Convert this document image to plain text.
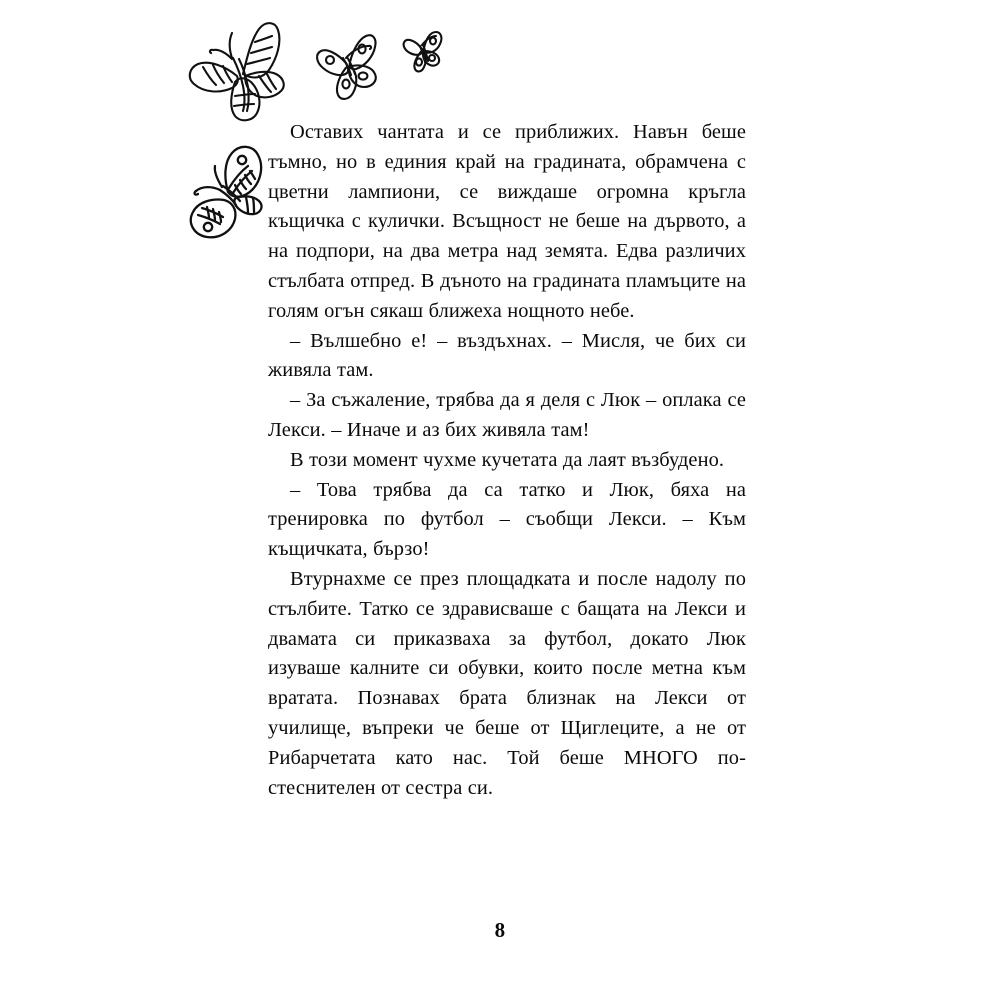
Оставих чантата и се приближих. Навън беше тъмно, но в единия край на градината, обрамчена с цветни лампиони, се виждаше огромна кръгла къщичка с кулички. Всъщност не беше на дървото, а на подпори, на два метра над земята. Едва различих стълбата отпред. В дъното на градината пламъците на голям огън сякаш ближеха нощното небе.

– Вълшебно е! – въздъхнах. – Мисля, че бих си живяла там.

– За съжаление, трябва да я деля с Люк – оплака се Лекси. – Иначе и аз бих живяла там!

В този момент чухме кучетата да лаят възбудено.

– Това трябва да са татко и Люк, бяха на тренировка по футбол – съобщи Лекси. – Към къщичката, бързо!

Втурнахме се през площадката и после надолу по стълбите. Татко се здрависваше с бащата на Лекси и двамата си приказваха за футбол, докато Люк изуваше калните си обувки, които после метна към вратата. Познавах брата близнак на Лекси от училище, въпреки че беше от Щиглеците, а не от Рибарчетата като нас. Той беше МНОГО по-стеснителен от сестра си.

8
